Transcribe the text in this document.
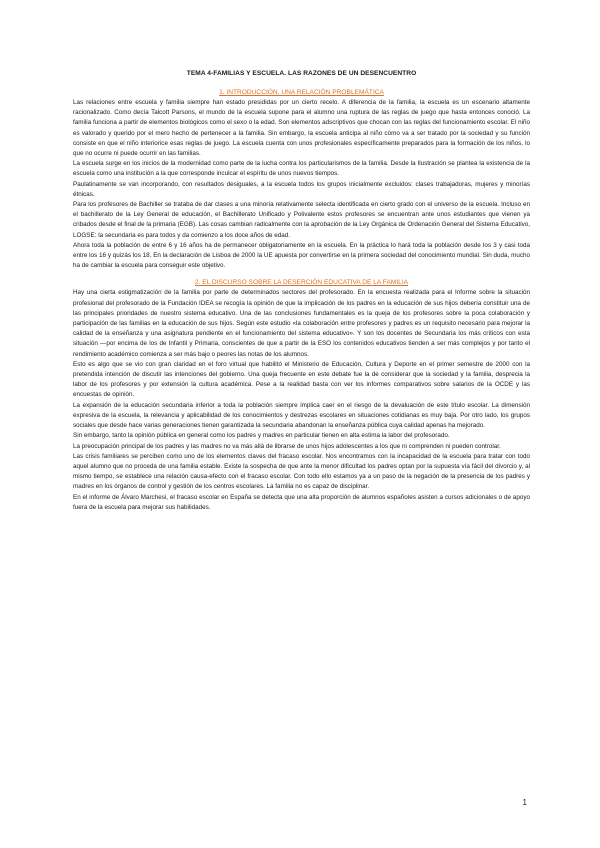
TEMA 4-FAMILIAS Y ESCUELA. LAS RAZONES DE UN DESENCUENTRO

1. INTRODUCCIÓN, UNA RELACIÓN PROBLEMÁTICA

Las relaciones entre escuela y familia siempre han estado presididas por un cierto recelo. A diferencia de la familia, la escuela es un escenario altamente racionalizado. Como decía Talcott Parsons, el mundo de la escuela supone para el alumno una ruptura de las reglas de juego que hasta entonces conoció. La familia funciona a partir de elementos biológicos como el sexo o la edad. Son elementos adscriptivos que chocan con las reglas del funcionamiento escolar. El niño es valorado y querido por el mero hecho de pertenecer a la familia. Sin embargo, la escuela anticipa al niño cómo va a ser tratado por la sociedad y su función consiste en que el niño interiorice esas reglas de juego. La escuela cuenta con unos profesionales específicamente preparados para la formación de los niños, lo que no ocurre ni puede ocurrir en las familias.

La escuela surge en los inicios de la modernidad como parte de la lucha contra los particularismos de la familia. Desde la Ilustración se plantea la existencia de la escuela como una institución a la que corresponde inculcar el espíritu de unos nuevos tiempos.

Paulatinamente se van incorporando, con resultados desiguales, a la escuela todos los grupos inicialmente excluidos: clases trabajadoras, mujeres y minorías étnicas.

Para los profesores de Bachiller se trataba de dar clases a una minoría relativamente selecta identificada en cierto grado con el universo de la escuela. Incluso en el bachillerato de la Ley General de educación, el Bachillerato Unificado y Polivalente estos profesores se encuentran ante unos estudiantes que vienen ya cribados desde el final de la primaria (EGB). Las cosas cambian radicalmente con la aprobación de la Ley Orgánica de Ordenación General del Sistema Educativo, LOGSE: la secundaria es para todos y da comienzo a los doce años de edad.

Ahora toda la población de entre 6 y 16 años ha de permanecer obligatoriamente en la escuela. En la práctica lo hará toda la población desde los 3 y casi toda entre los 16 y quizás los 18. En la declaración de Lisboa de 2000 la UE apuesta por convertirse en la primera sociedad del conocimiento mundial. Sin duda, mucho ha de cambiar la escuela para conseguir este objetivo.

2. EL DISCURSO SOBRE LA DESERCIÓN EDUCATIVA DE LA FAMILIA

Hay una cierta estigmatización de la familia por parte de determinados sectores del profesorado. En la encuesta realizada para el Informe sobre la situación profesional del profesorado de la Fundación IDEA se recogía la opinión de que la implicación de los padres en la educación de sus hijos debería constituir una de las principales prioridades de nuestro sistema educativo. Una de las conclusiones fundamentales es la queja de los profesores sobre la poca colaboración y participación de las familias en la educación de sus hijos. Según este estudio «la colaboración entre profesores y padres es un requisito necesario para mejorar la calidad de la enseñanza y una asignatura pendiente en el funcionamiento del sistema educativo». Y son los docentes de Secundaria los más críticos con esta situación —por encima de los de Infantil y Primaria, conscientes de que a partir de la ESO los contenidos educativos tienden a ser más complejos y por tanto el rendimiento académico comienza a ser más bajo o peores las notas de los alumnos.

Esto es algo que se vio con gran claridad en el foro virtual que habilitó el Ministerio de Educación, Cultura y Deporte en el primer semestre de 2000 con la pretendida intención de discutir las intenciones del gobierno. Una queja frecuente en este debate fue la de considerar que la sociedad y la familia, desprecia la labor de los profesores y por extensión la cultura académica. Pese a la realidad basta con ver los informes comparativos sobre salarios de la OCDE y las encuestas de opinión.

La expansión de la educación secundaria inferior a toda la población siempre implica caer en el riesgo de la devaluación de este título escolar. La dimensión expresiva de la escuela, la relevancia y aplicabilidad de los conocimientos y destrezas escolares en situaciones cotidianas es muy baja. Por otro lado, los grupos sociales que desde hace varias generaciones tienen garantizada la secundaria abandonan la enseñanza pública cuya calidad apenas ha mejorado.

Sin embargo, tanto la opinión pública en general como los padres y madres en particular tienen en alta estima la labor del profesorado.

La preocupación principal de los padres y las madres no va más allá de librarse de unos hijos adolescentes a los que ni comprenden ni pueden controlar.

Las crisis familiares se perciben como uno de los elementos claves del fracaso escolar. Nos encontramos con la incapacidad de la escuela para tratar con todo aquel alumno que no proceda de una familia estable. Existe la sospecha de que ante la menor dificultad los padres optan por la supuesta vía fácil del divorcio y, al mismo tiempo, se establece una relación causa-efecto con el fracaso escolar. Con todo ello estamos ya a un paso de la negación de la presencia de los padres y madres en los órganos de control y gestión de los centros escolares. La familia no es capaz de disciplinar.

En el informe de Álvaro Marchesi, el fracaso escolar en España se detecta que una alta proporción de alumnos españoles asisten a cursos adicionales o de apoyo fuera de la escuela para mejorar sus habilidades.

1
